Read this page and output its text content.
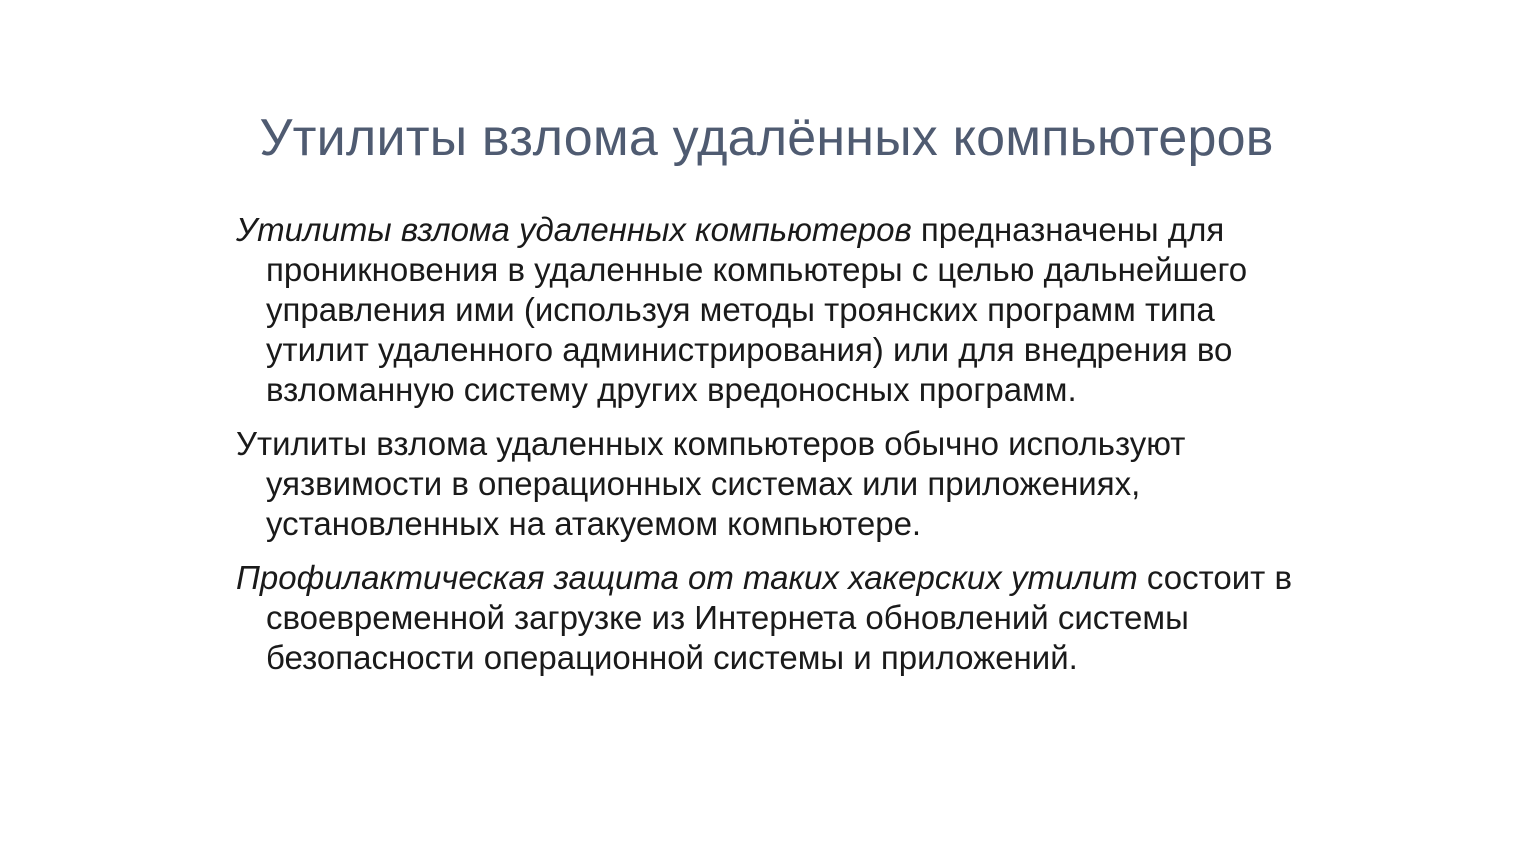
Утилиты взлома удалённых компьютеров

Утилиты взлома удаленных компьютеров предназначены для проникновения в удаленные компьютеры с целью дальнейшего управления ими (используя методы троянских программ типа утилит удаленного администрирования) или для внедрения во взломанную систему других вредоносных программ.

Утилиты взлома удаленных компьютеров обычно используют уязвимости в операционных системах или приложениях, установленных на атакуемом компьютере.

Профилактическая защита от таких хакерских утилит состоит в своевременной загрузке из Интернета обновлений системы безопасности операционной системы и приложений.
